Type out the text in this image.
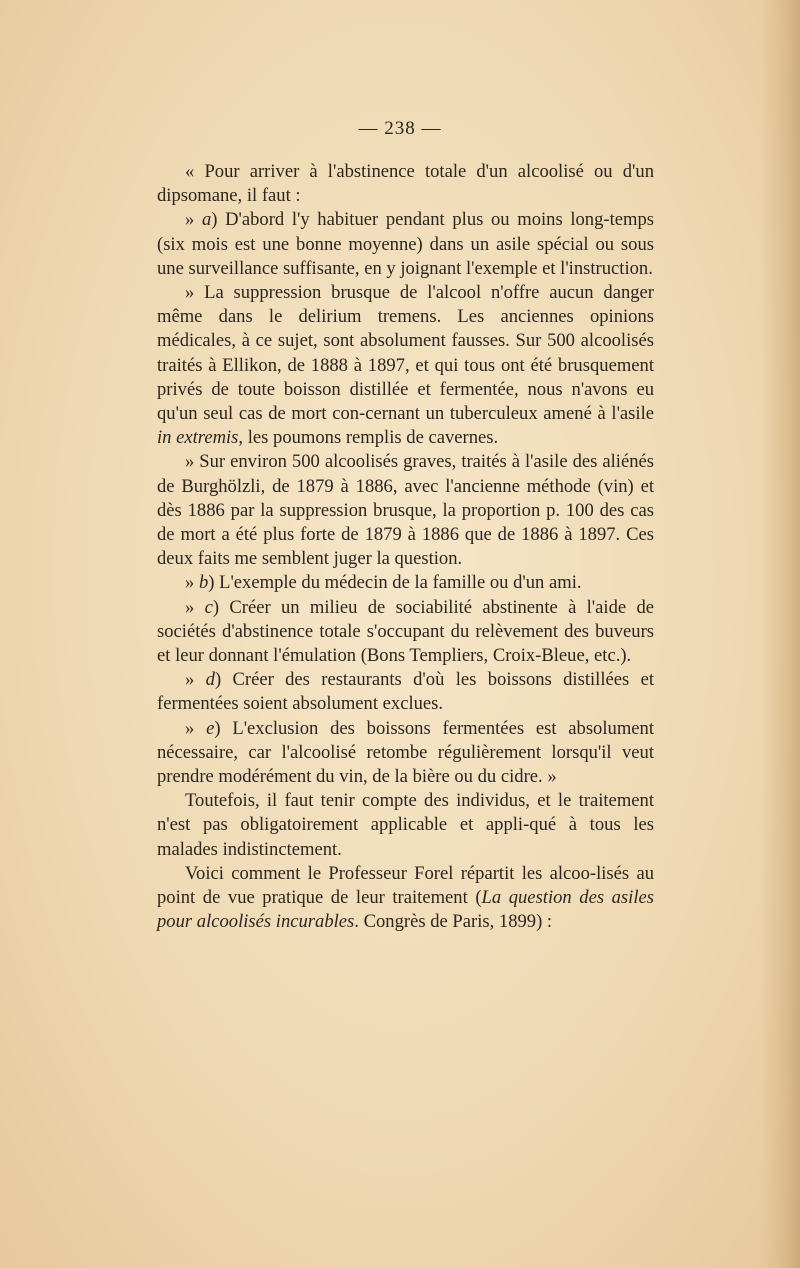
— 238 —

« Pour arriver à l'abstinence totale d'un alcoolisé ou d'un dipsomane, il faut :

» a) D'abord l'y habituer pendant plus ou moins long-temps (six mois est une bonne moyenne) dans un asile spécial ou sous une surveillance suffisante, en y joignant l'exemple et l'instruction.

» La suppression brusque de l'alcool n'offre aucun danger même dans le delirium tremens. Les anciennes opinions médicales, à ce sujet, sont absolument fausses. Sur 500 alcoolisés traités à Ellikon, de 1888 à 1897, et qui tous ont été brusquement privés de toute boisson distillée et fermentée, nous n'avons eu qu'un seul cas de mort con-cernant un tuberculeux amené à l'asile in extremis, les poumons remplis de cavernes.

» Sur environ 500 alcoolisés graves, traités à l'asile des aliénés de Burghölzli, de 1879 à 1886, avec l'ancienne méthode (vin) et dès 1886 par la suppression brusque, la proportion p. 100 des cas de mort a été plus forte de 1879 à 1886 que de 1886 à 1897. Ces deux faits me semblent juger la question.

» b) L'exemple du médecin de la famille ou d'un ami.

» c) Créer un milieu de sociabilité abstinente à l'aide de sociétés d'abstinence totale s'occupant du relèvement des buveurs et leur donnant l'émulation (Bons Templiers, Croix-Bleue, etc.).

» d) Créer des restaurants d'où les boissons distillées et fermentées soient absolument exclues.

» e) L'exclusion des boissons fermentées est absolument nécessaire, car l'alcoolisé retombe régulièrement lorsqu'il veut prendre modérément du vin, de la bière ou du cidre. »

Toutefois, il faut tenir compte des individus, et le traitement n'est pas obligatoirement applicable et appli-qué à tous les malades indistinctement.

Voici comment le Professeur Forel répartit les alcoo-lisés au point de vue pratique de leur traitement (La question des asiles pour alcoolisés incurables. Congrès de Paris, 1899) :
